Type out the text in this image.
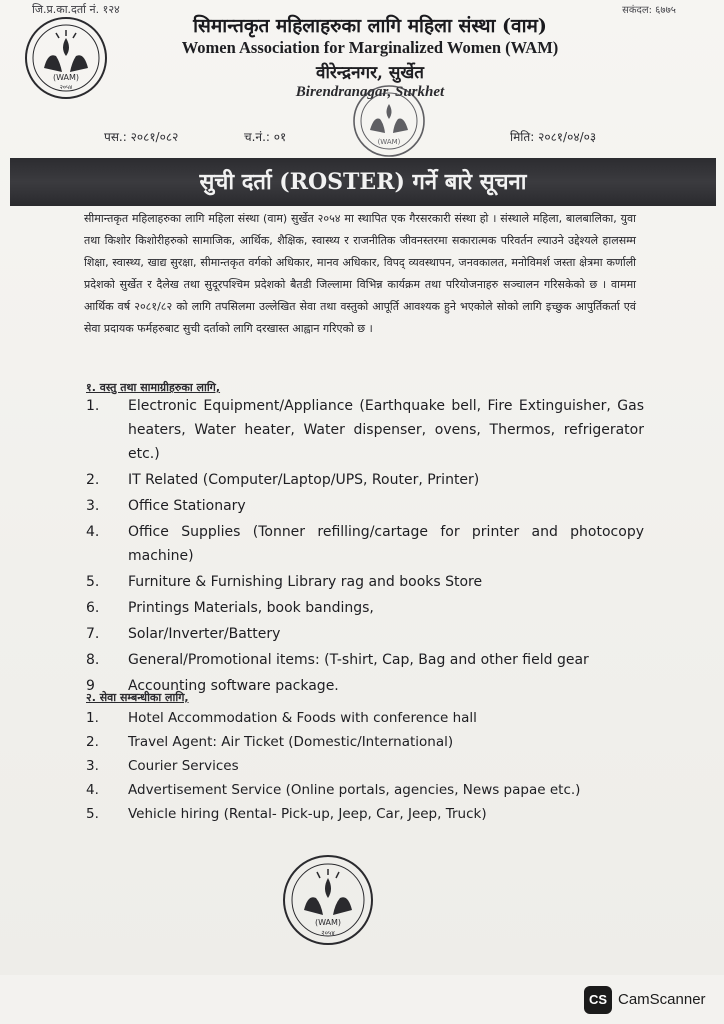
जि.प्र.का.दर्ता नं. १२४	सकंदल: ६७७५
(WAM)
२०५४
सिमान्तकृत महिलाहरुका लागि महिला संस्था (वाम)
Women Association for Marginalized Women (WAM)
वीरेन्द्रनगर, सुर्खेत
Birendranagar, Surkhet
(WAM)
पस.: २०८१/०८२	च.नं.: ०१	मिति: २०८१/०४/०३
सुची दर्ता (ROSTER) गर्ने बारे सूचना
सीमान्तकृत महिलाहरुका लागि महिला संस्था (वाम) सुर्खेत २०५४ मा स्थापित एक गैरसरकारी संस्था हो । संस्थाले महिला, बालबालिका, युवा तथा किशोर किशोरीहरुको सामाजिक, आर्थिक, शैक्षिक, स्वास्थ्य र राजनीतिक जीवनस्तरमा सकारात्मक परिवर्तन ल्याउने उद्देश्यले हालसम्म शिक्षा, स्वास्थ्य, खाद्य सुरक्षा, सीमान्तकृत वर्गको अधिकार, मानव अधिकार, विपद् व्यवस्थापन, जनवकालत, मनोविमर्श जस्ता क्षेत्रमा कर्णाली प्रदेशको सुर्खेत र दैलेख तथा सुदूरपश्चिम प्रदेशको बैतडी जिल्लामा विभिन्न कार्यक्रम तथा परियोजनाहरु सञ्चालन गरिसकेको छ । वाममा आर्थिक वर्ष २०८१/८२ को लागि तपसिलमा उल्लेखित सेवा तथा वस्तुको आपूर्ति आवश्यक हुने भएकोले सोको लागि इच्छुक आपुर्तिकर्ता एवं सेवा प्रदायक फर्महरुबाट सुची दर्ताको लागि दरखास्त आह्वान गरिएको छ ।
१. वस्तु तथा सामाग्रीहरुका लागि,
1. Electronic Equipment/Appliance (Earthquake bell, Fire Extinguisher, Gas heaters, Water heater, Water dispenser, ovens, Thermos, refrigerator etc.)
2. IT Related (Computer/Laptop/UPS, Router, Printer)
3. Office Stationary
4. Office Supplies (Tonner refilling/cartage for printer and photocopy machine)
5. Furniture & Furnishing Library rag and books Store
6. Printings Materials, book bandings,
7. Solar/Inverter/Battery
8. General/Promotional items: (T-shirt, Cap, Bag and other field gear
9 Accounting software package.
२. सेवा सम्बन्धीका लागि,
1. Hotel Accommodation & Foods with conference hall
2. Travel Agent: Air Ticket (Domestic/International)
3. Courier Services
4. Advertisement Service (Online portals, agencies, News papae etc.)
5. Vehicle hiring (Rental- Pick-up, Jeep, Car, Jeep, Truck)
(WAM)
२०५४
CS CamScanner
